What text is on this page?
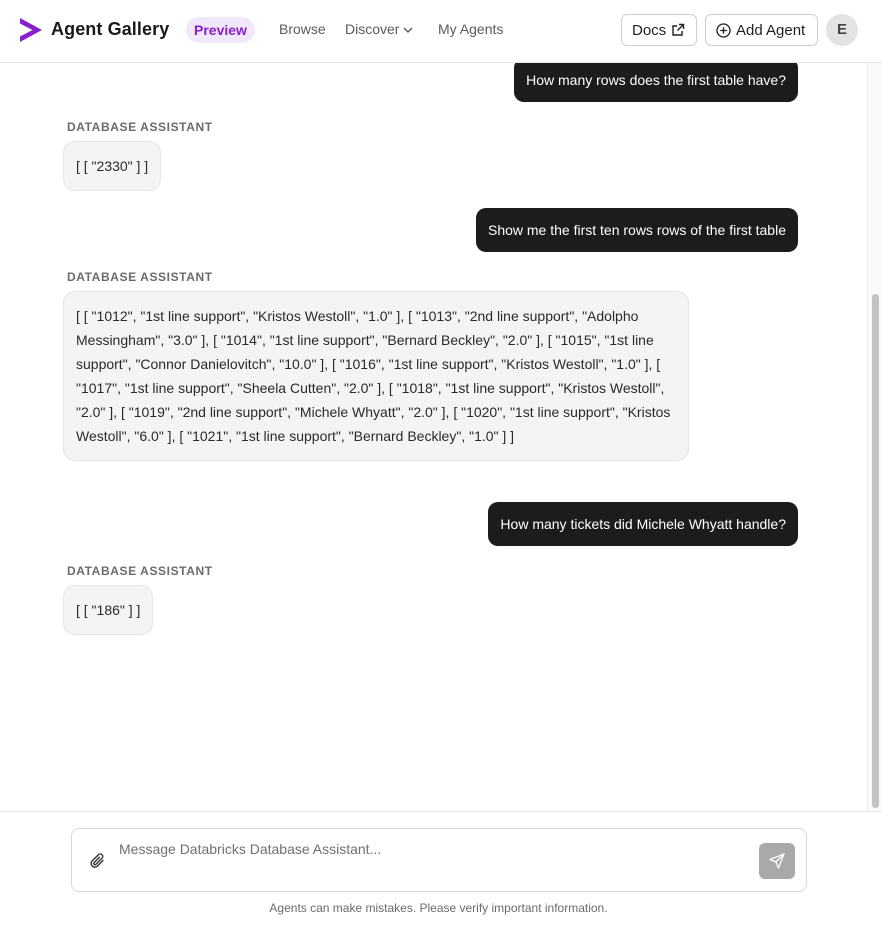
Agent Gallery	Preview	Browse Discover	My Agents	Docs	Add Agent	E
How many rows does the first table have?
DATABASE ASSISTANT
[ [ "2330" ] ]
Show me the first ten rows rows of the first table
DATABASE ASSISTANT
[ [ "1012", "1st line support", "Kristos Westoll", "1.0" ], [ "1013", "2nd line support", "Adolpho Messingham", "3.0" ], [ "1014", "1st line support", "Bernard Beckley", "2.0" ], [ "1015", "1st line support", "Connor Danielovitch", "10.0" ], [ "1016", "1st line support", "Kristos Westoll", "1.0" ], [ "1017", "1st line support", "Sheela Cutten", "2.0" ], [ "1018", "1st line support", "Kristos Westoll", "2.0" ], [ "1019", "2nd line support", "Michele Whyatt", "2.0" ], [ "1020", "1st line support", "Kristos Westoll", "6.0" ], [ "1021", "1st line support", "Bernard Beckley", "1.0" ] ]
How many tickets did Michele Whyatt handle?
DATABASE ASSISTANT
[ [ "186" ] ]
Message Databricks Database Assistant...
Agents can make mistakes. Please verify important information.
